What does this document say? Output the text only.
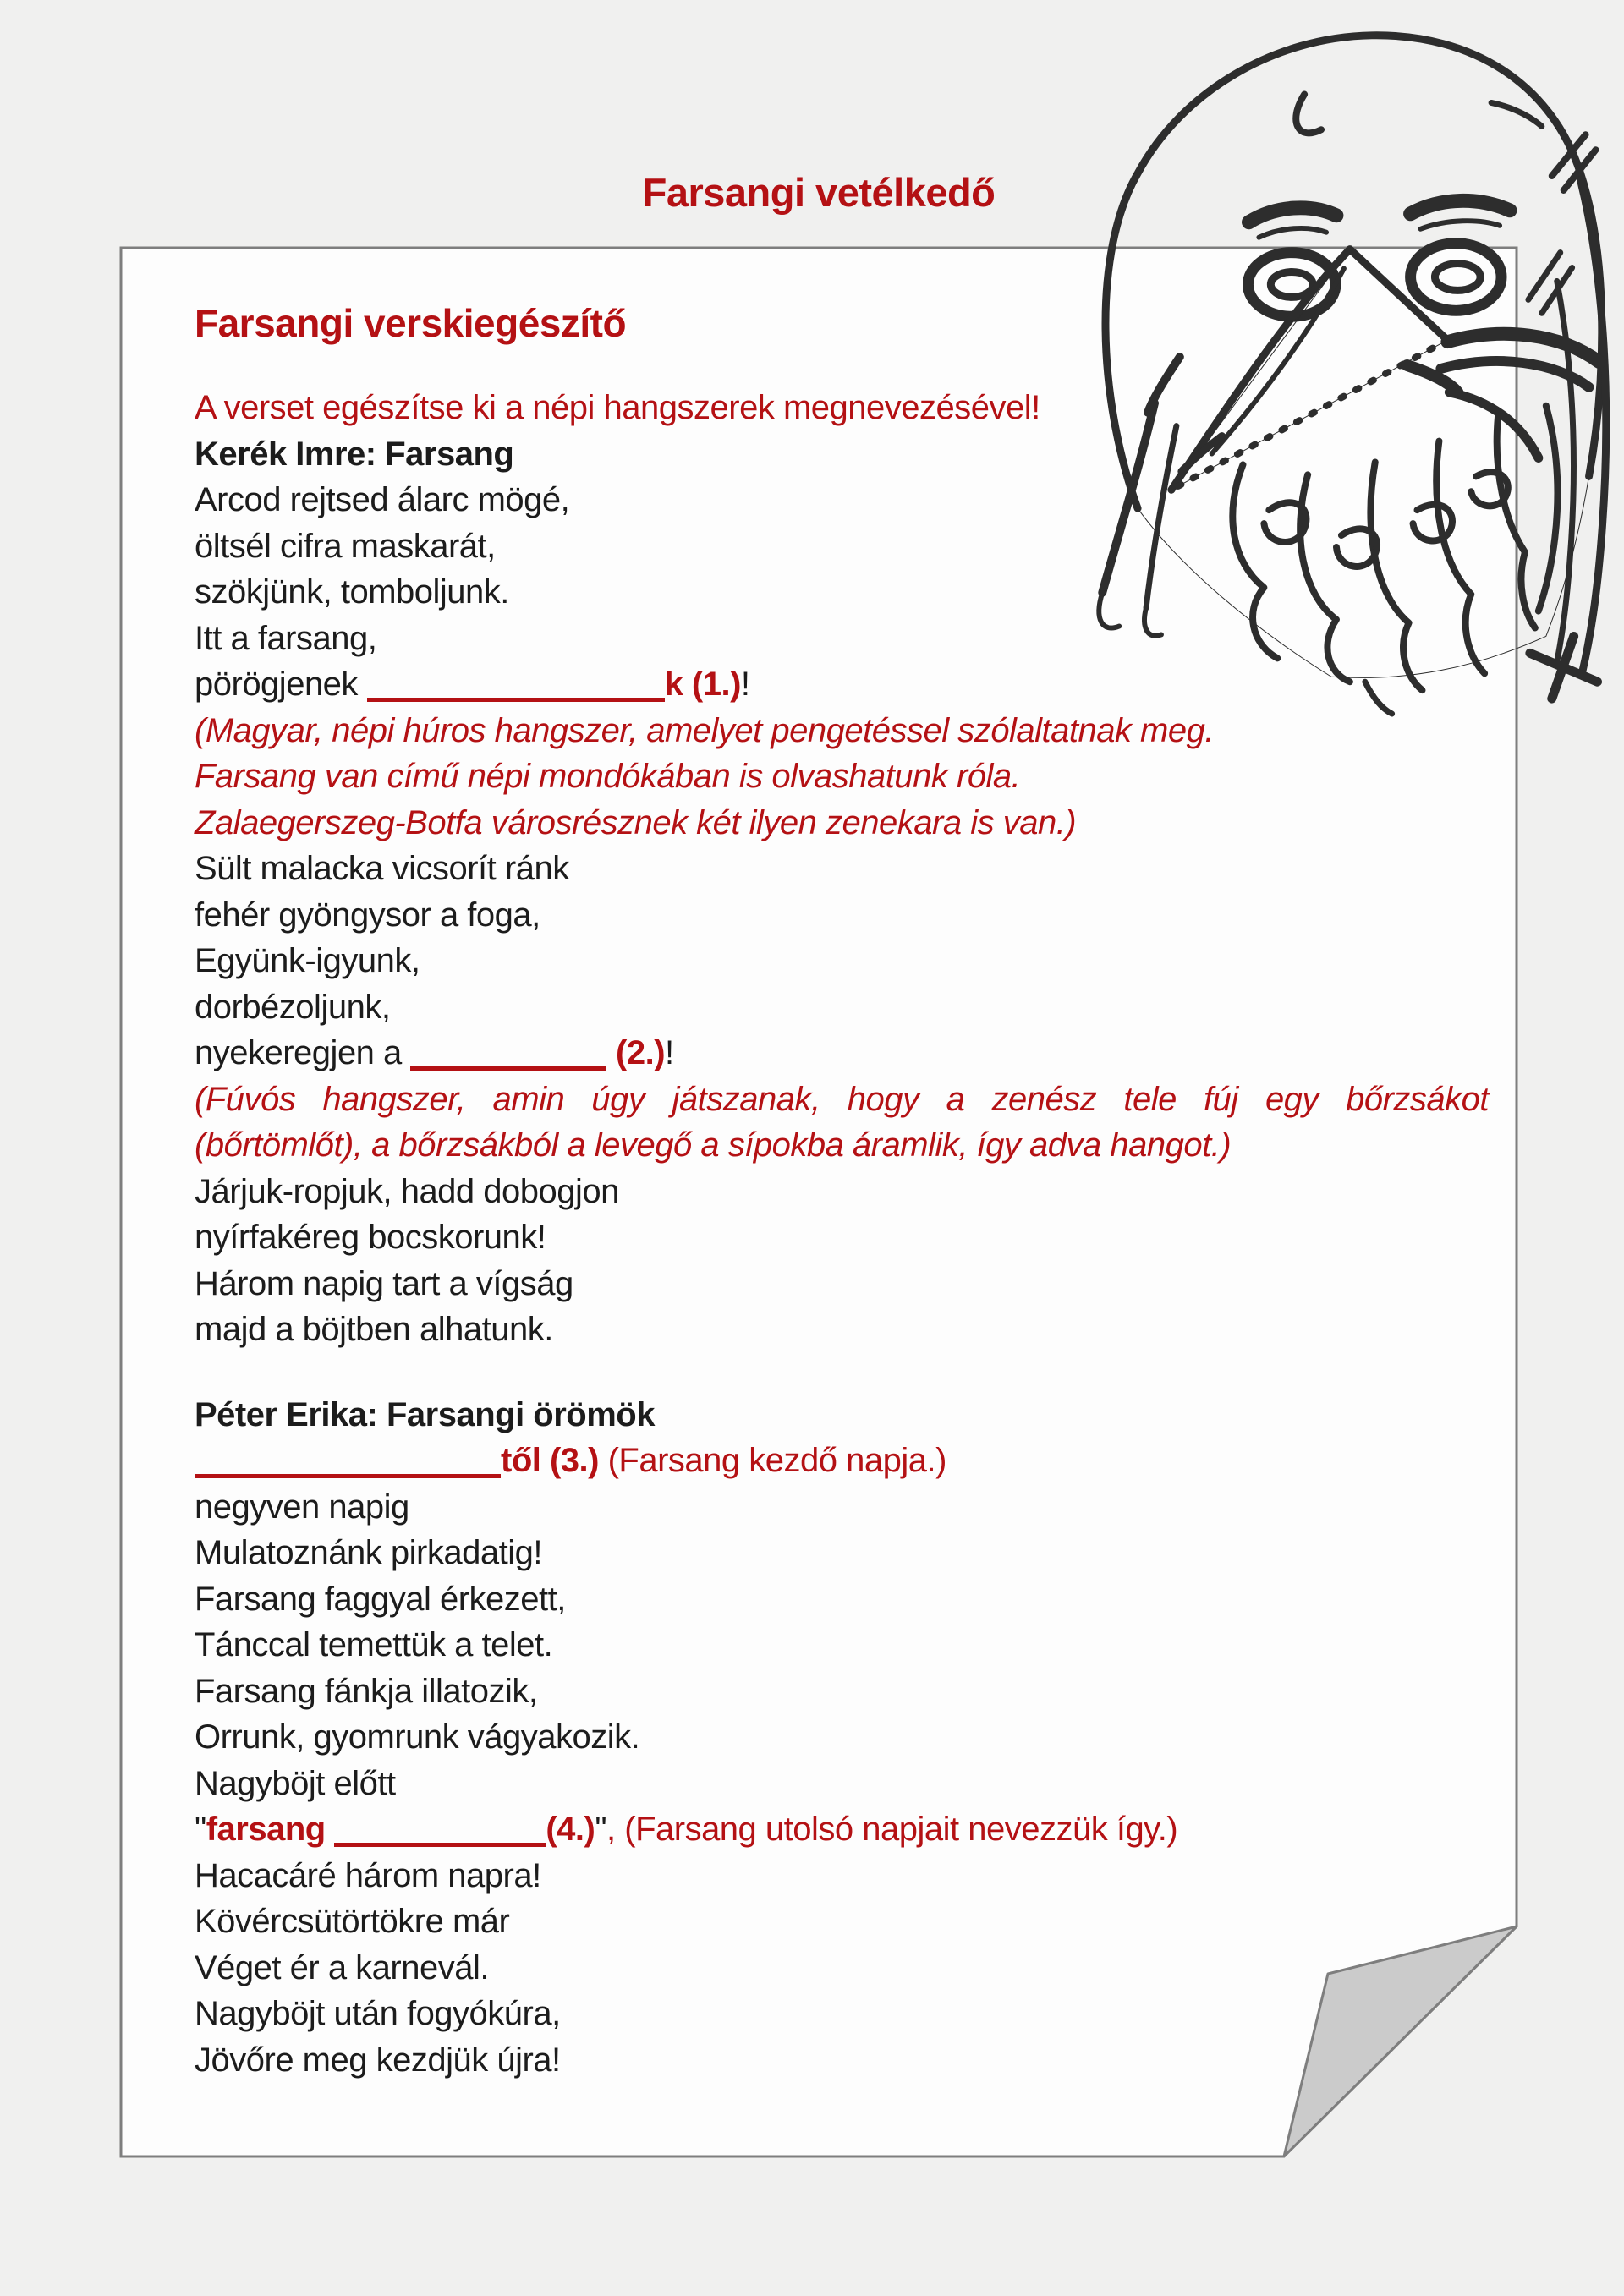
Farsangi vetélkedő
Farsangi verskiegészítő
A verset egészítse ki a népi hangszerek megnevezésével!
Kerék Imre: Farsang
Arcod rejtsed álarc mögé,
öltsél cifra maskarát,
szökjünk, tomboljunk.
Itt a farsang,
pörögjenek	k (1.)!
(Magyar, népi húros hangszer, amelyet pengetéssel szólaltatnak meg.
Farsang van című népi mondókában is olvashatunk róla.
Zalaegerszeg-Botfa városrésznek két ilyen zenekara is van.)
Sült malacka vicsorít ránk
fehér gyöngysor a foga,
Együnk-igyunk,
dorbézoljunk,
nyekeregjen a	(2.)!
(Fúvós hangszer, amin úgy játszanak, hogy a zenész tele fúj egy bőrzsákot
(bőrtömlőt), a bőrzsákból a levegő a sípokba áramlik, így adva hangot.)
Járjuk-ropjuk, hadd dobogjon
nyírfakéreg bocskorunk!
Három napig tart a vígság
majd a böjtben alhatunk.
Péter Erika: Farsangi örömök
től (3.) (Farsang kezdő napja.)
negyven napig
Mulatoznánk pirkadatig!
Farsang faggyal érkezett,
Tánccal temettük a telet.
Farsang fánkja illatozik,
Orrunk, gyomrunk vágyakozik.
Nagyböjt előtt
"farsang	(4.)", (Farsang utolsó napjait nevezzük így.)
Hacacáré három napra!
Kövércsütörtökre már
Véget ér a karnevál.
Nagyböjt után fogyókúra,
Jövőre meg kezdjük újra!
